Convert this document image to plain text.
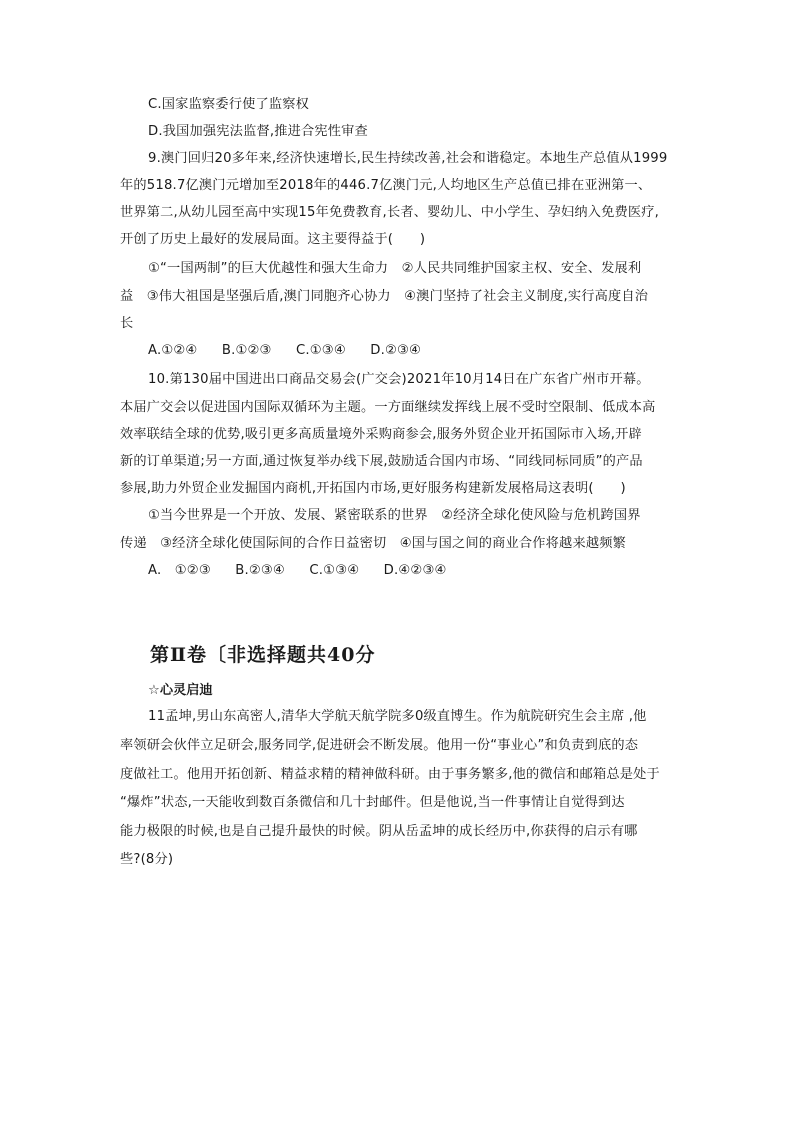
C.国家监察委行使了监察权
D.我国加强宪法监督,推进合宪性审查
9.澳门回归20多年来,经济快速增长,民生持续改善,社会和谐稳定。本地生产总值从1999
年的518.7亿澳门元增加至2018年的446.7亿澳门元,人均地区生产总值已排在亚洲第一、
世界第二,从幼儿园至高中实现15年免费教育,长者、婴幼儿、中小学生、孕妇纳入免费医疗,
开创了历史上最好的发展局面。这主要得益于(　　)
①“一国两制”的巨大优越性和强大生命力　②人民共同维护国家主权、安全、发展利
益　③伟大祖国是坚强后盾,澳门同胞齐心协力　④澳门坚持了社会主义制度,实行高度自治
长
A.①②④ B.①②③ C.①③④ D.②③④
10.第130届中国进出口商品交易会(广交会)2021年10月14日在广东省广州市开幕。
本届广交会以促进国内国际双循环为主题。一方面继续发挥线上展不受时空限制、低成本高
效率联结全球的优势,吸引更多高质量境外采购商参会,服务外贸企业开拓国际市入场,开辟
新的订单渠道;另一方面,通过恢复举办线下展,鼓励适合国内市场、“同线同标同质”的产品
参展,助力外贸企业发掘国内商机,开拓国内市场,更好服务构建新发展格局这表明(　　)
①当今世界是一个开放、发展、紧密联系的世界　②经济全球化使风险与危机跨国界
传递　③经济全球化使国际间的合作日益密切　④国与国之间的商业合作将越来越频繁
A.　①②③ B.②③④ C.①③④ D.④②③④
第Ⅱ卷〔非选择题共40分
☆心灵启迪
11孟坤,男山东高密人,清华大学航天航学院多0级直博生。作为航院研究生会主席 ,他
率领研会伙伴立足研会,服务同学,促进研会不断发展。他用一份“事业心”和负责到底的态
度做社工。他用开拓创新、精益求精的精神做科研。由于事务繁多,他的微信和邮箱总是处于
“爆炸”状态,一天能收到数百条微信和几十封邮件。但是他说,当一件事情让自觉得到达
能力极限的时候,也是自己提升最快的时候。阴从岳孟坤的成长经历中,你获得的启示有哪
些?(8分)
